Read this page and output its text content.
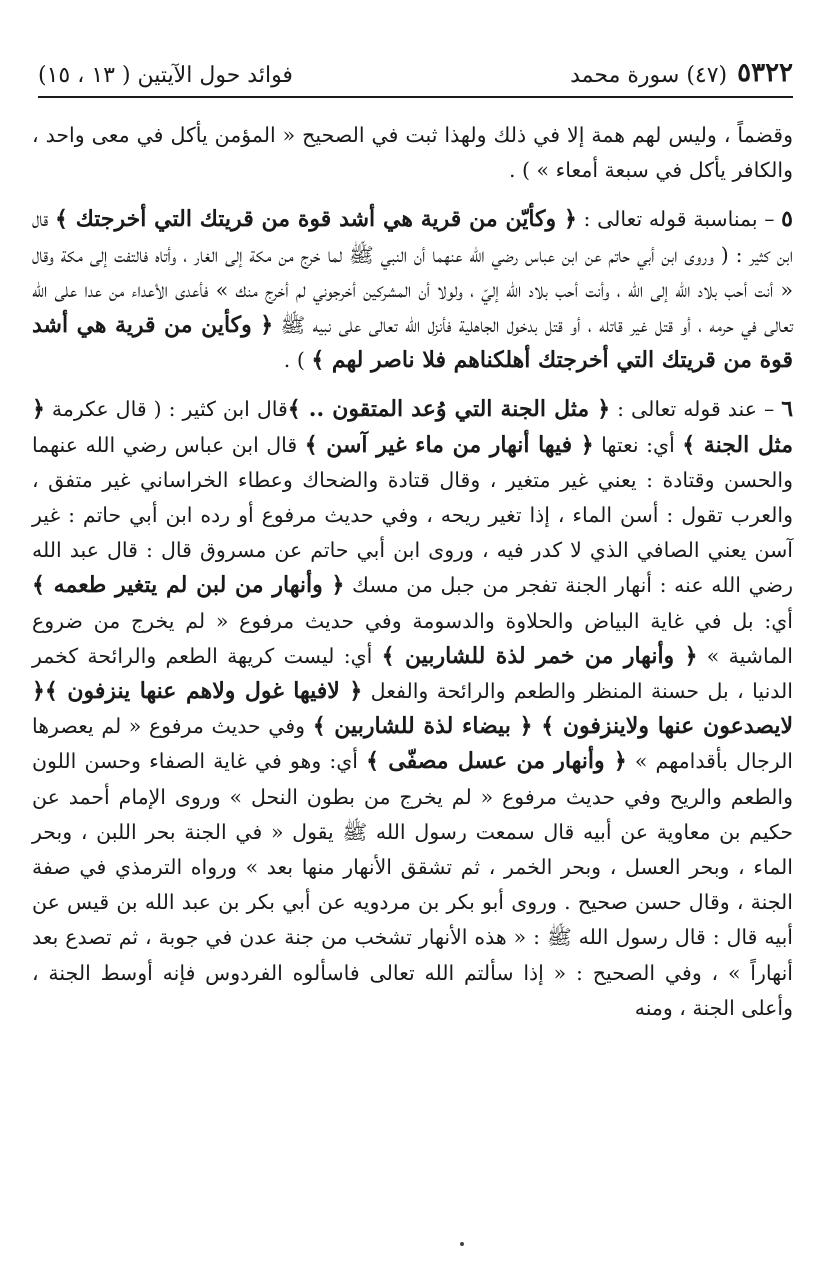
٥٣٢٢
(٤٧) سورة محمد
فوائد حول الآيتين ( ١٣ ، ١٥)

وقضماً ، وليس لهم همة إلا في ذلك ولهذا ثبت في الصحيح « المؤمن يأكل في معى واحد ، والكافر يأكل في سبعة أمعاء » ) .

٥ – بمناسبة قوله تعالى : ﴿ وكأيّن من قرية هي أشد قوة من قريتك التي أخرجتك ﴾ قال ابن كثير : ( وروى ابن أبي حاتم عن ابن عباس رضي الله عنهما أن النبي ﷺ لما خرج من مكة إلى الغار ، وأتاه فالتفت إلى مكة وقال « أنت أحب بلاد الله إلى الله ، وأنت أحب بلاد الله إليّ ، ولولا أن المشركين أخرجوني لم أخرج منك » فأعدى الأعداء من عدا على الله تعالى في حرمه ، أو قتل غير قاتله ، أو قتل بدخول الجاهلية فأنزل الله تعالى على نبيه ﷺ ﴿ وكأين من قرية هي أشد قوة من قريتك التي أخرجتك أهلكناهم فلا ناصر لهم ﴾ ) .

٦ – عند قوله تعالى : ﴿ مثل الجنة التي وُعد المتقون .. ﴾قال ابن كثير : ( قال عكرمة ﴿ مثل الجنة ﴾ أي: نعتها ﴿ فيها أنهار من ماء غير آسن ﴾ قال ابن عباس رضي الله عنهما والحسن وقتادة : يعني غير متغير ، وقال قتادة والضحاك وعطاء الخراساني غير متفق ، والعرب تقول : أسن الماء ، إذا تغير ريحه ، وفي حديث مرفوع أو رده ابن أبي حاتم : غير آسن يعني الصافي الذي لا كدر فيه ، وروى ابن أبي حاتم عن مسروق قال : قال عبد الله رضي الله عنه : أنهار الجنة تفجر من جبل من مسك ﴿ وأنهار من لبن لم يتغير طعمه ﴾أي: بل في غاية البياض والحلاوة والدسومة وفي حديث مرفوع « لم يخرج من ضروع الماشية » ﴿ وأنهار من خمر لذة للشاربين ﴾ أي: ليست كريهة الطعم والرائحة كخمر الدنيا ، بل حسنة المنظر والطعم والرائحة والفعل ﴿ لافيها غول ولاهم عنها ينزفون ﴾﴿ لايصدعون عنها ولاينزفون ﴾ ﴿ بيضاء لذة للشاربين ﴾ وفي حديث مرفوع « لم يعصرها الرجال بأقدامهم » ﴿ وأنهار من عسل مصفّى ﴾ أي: وهو في غاية الصفاء وحسن اللون والطعم والريح وفي حديث مرفوع « لم يخرج من بطون النحل » وروى الإمام أحمد عن حكيم بن معاوية عن أبيه قال سمعت رسول الله ﷺ يقول « في الجنة بحر اللبن ، وبحر الماء ، وبحر العسل ، وبحر الخمر ، ثم تشقق الأنهار منها بعد » ورواه الترمذي في صفة الجنة ، وقال حسن صحيح . وروى أبو بكر بن مردويه عن أبي بكر بن عبد الله بن قيس عن أبيه قال : قال رسول الله ﷺ : « هذه الأنهار تشخب من جنة عدن في جوبة ، ثم تصدع بعد أنهاراً » ، وفي الصحيح : « إذا سألتم الله تعالى فاسألوه الفردوس فإنه أوسط الجنة ، وأعلى الجنة ، ومنه
